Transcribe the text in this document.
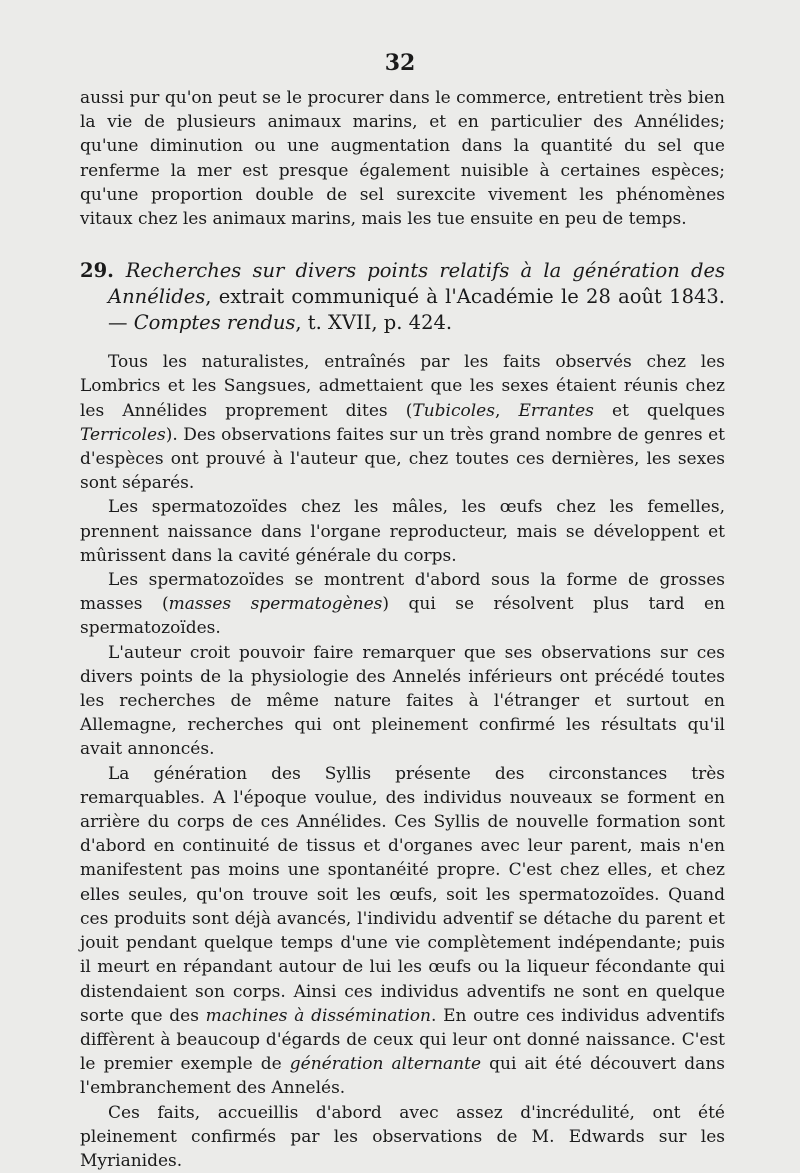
32

aussi pur qu'on peut se le procurer dans le commerce, entretient très bien la vie de plusieurs animaux marins, et en particulier des Annélides; qu'une diminution ou une augmentation dans la quantité du sel que renferme la mer est presque également nuisible à certaines espèces; qu'une proportion double de sel surexcite vivement les phénomènes vitaux chez les animaux marins, mais les tue ensuite en peu de temps.

29. Recherches sur divers points relatifs à la génération des Annélides, extrait communiqué à l'Académie le 28 août 1843. — Comptes rendus, t. XVII, p. 424.

Tous les naturalistes, entraînés par les faits observés chez les Lombrics et les Sangsues, admettaient que les sexes étaient réunis chez les Annélides proprement dites (Tubicoles, Errantes et quelques Terricoles). Des observations faites sur un très grand nombre de genres et d'espèces ont prouvé à l'auteur que, chez toutes ces dernières, les sexes sont séparés.

Les spermatozoïdes chez les mâles, les œufs chez les femelles, prennent naissance dans l'organe reproducteur, mais se développent et mûrissent dans la cavité générale du corps.

Les spermatozoïdes se montrent d'abord sous la forme de grosses masses (masses spermatogènes) qui se résolvent plus tard en spermatozoïdes.

L'auteur croit pouvoir faire remarquer que ses observations sur ces divers points de la physiologie des Annelés inférieurs ont précédé toutes les recherches de même nature faites à l'étranger et surtout en Allemagne, recherches qui ont pleinement confirmé les résultats qu'il avait annoncés.

La génération des Syllis présente des circonstances très remarquables. A l'époque voulue, des individus nouveaux se forment en arrière du corps de ces Annélides. Ces Syllis de nouvelle formation sont d'abord en continuité de tissus et d'organes avec leur parent, mais n'en manifestent pas moins une spontanéité propre. C'est chez elles, et chez elles seules, qu'on trouve soit les œufs, soit les spermatozoïdes. Quand ces produits sont déjà avancés, l'individu adventif se détache du parent et jouit pendant quelque temps d'une vie complètement indépendante; puis il meurt en répandant autour de lui les œufs ou la liqueur fécondante qui distendaient son corps. Ainsi ces individus adventifs ne sont en quelque sorte que des machines à dissémination. En outre ces individus adventifs diffèrent à beaucoup d'égards de ceux qui leur ont donné naissance. C'est le premier exemple de génération alternante qui ait été découvert dans l'embranchement des Annelés.

Ces faits, accueillis d'abord avec assez d'incrédulité, ont été pleinement confirmés par les observations de M. Edwards sur les Myrianides.
